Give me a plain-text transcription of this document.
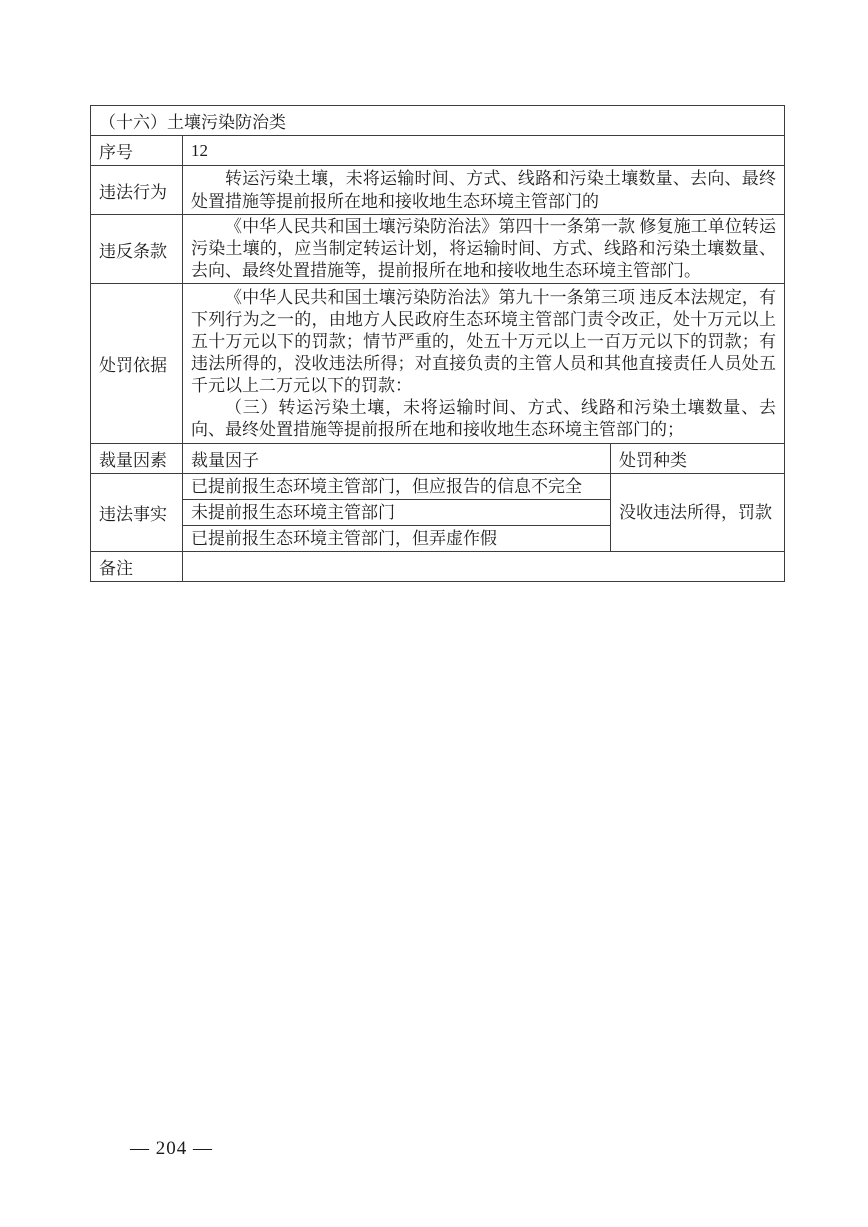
（十六）土壤污染防治类		
序号	12	
违法行为	转运污染土壤，未将运输时间、方式、线路和污染土壤数量、去向、最终处置措施等提前报所在地和接收地生态环境主管部门的	

违反条款	《中华人民共和国土壤污染防治法》第四十一条第一款 修复施工单位转运污染土壤的，应当制定转运计划，将运输时间、方式、线路和污染土壤数量、去向、最终处置措施等，提前报所在地和接收地生态环境主管部门。	

处罚依据	《中华人民共和国土壤污染防治法》第九十一条第三项 违反本法规定，有下列行为之一的，由地方人民政府生态环境主管部门责令改正，处十万元以上五十万元以下的罚款；情节严重的，处五十万元以上一百万元以下的罚款；有违法所得的，没收违法所得；对直接负责的主管人员和其他直接责任人员处五千元以上二万元以下的罚款：

（三）转运污染土壤，未将运输时间、方式、线路和污染土壤数量、去向、最终处置措施等提前报所在地和接收地生态环境主管部门的；	

裁量因素	裁量因子	处罚种类
违法事实	已提前报生态环境主管部门，但应报告的信息不完全	没收违法所得，罚款
	未提前报生态环境主管部门	
	已提前报生态环境主管部门，但弄虚作假	
备注		
— 204 —
